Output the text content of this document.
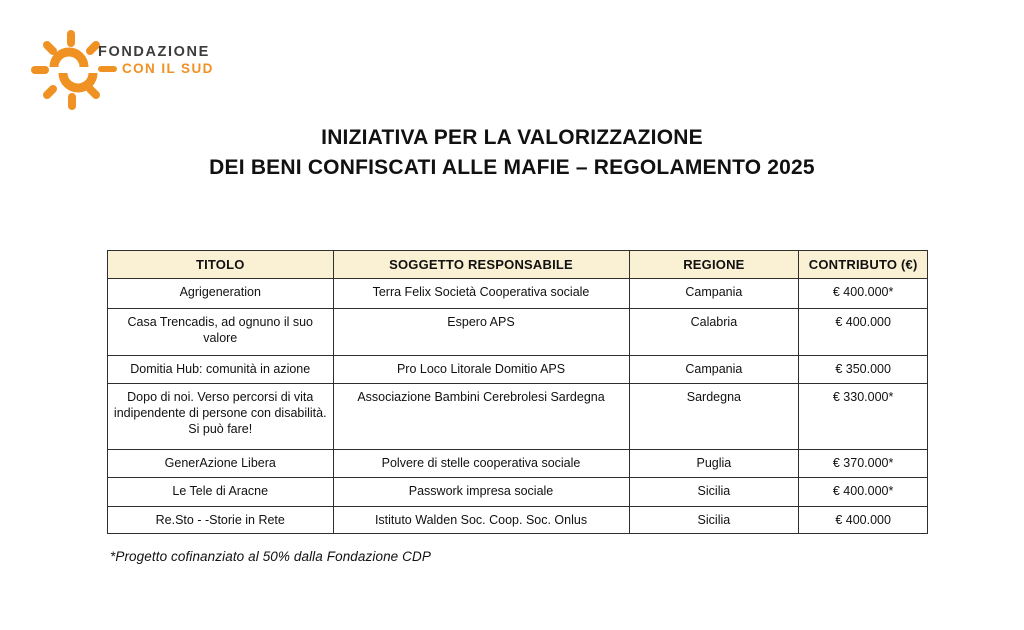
FONDAZIONE
CON IL SUD
INIZIATIVA PER LA VALORIZZAZIONE
DEI BENI CONFISCATI ALLE MAFIE – REGOLAMENTO 2025
TITOLO	SOGGETTO RESPONSABILE	REGIONE	CONTRIBUTO (€)
Agrigeneration	Terra Felix Società Cooperativa sociale	Campania	€ 400.000*
Casa Trencadis, ad ognuno il suo valore	Espero APS	Calabria	€ 400.000
Domitia Hub: comunità in azione	Pro Loco Litorale Domitio APS	Campania	€ 350.000
Dopo di noi. Verso percorsi di vita indipendente di persone con disabilità. Si può fare!	Associazione Bambini Cerebrolesi Sardegna	Sardegna	€ 330.000*
GenerAzione Libera	Polvere di stelle cooperativa sociale	Puglia	€ 370.000*
Le Tele di Aracne	Passwork impresa sociale	Sicilia	€ 400.000*
Re.Sto - -Storie in Rete	Istituto Walden Soc. Coop. Soc. Onlus	Sicilia	€ 400.000

*Progetto cofinanziato al 50% dalla Fondazione CDP
